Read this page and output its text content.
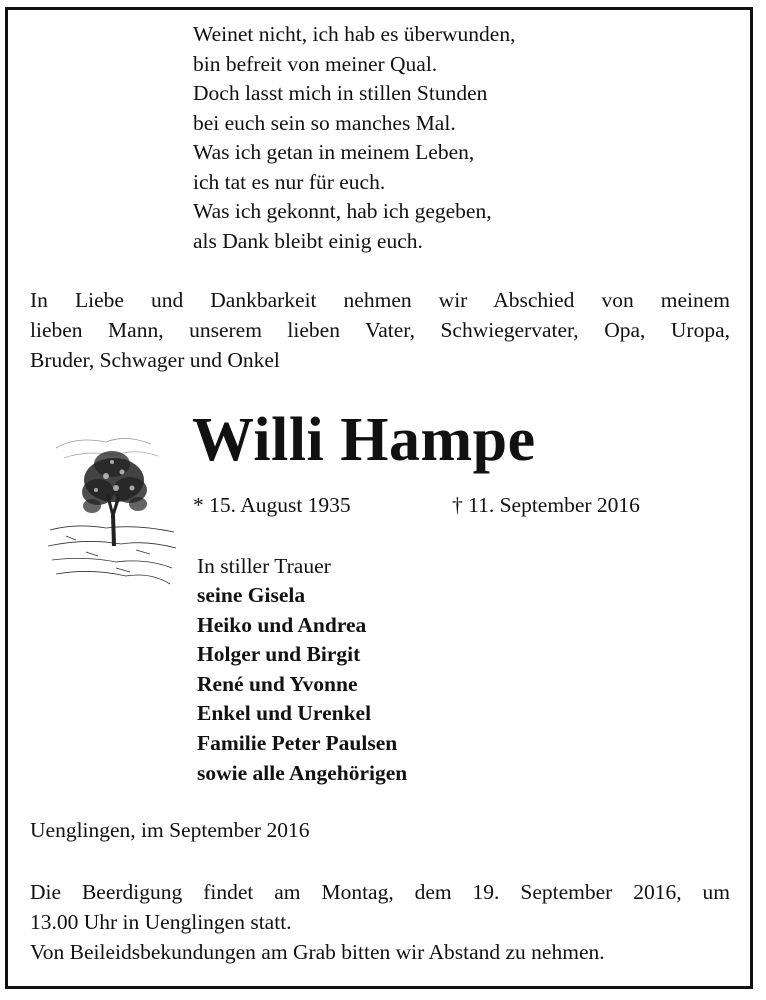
Weinet nicht, ich hab es überwunden,
bin befreit von meiner Qual.
Doch lasst mich in stillen Stunden
bei euch sein so manches Mal.
Was ich getan in meinem Leben,
ich tat es nur für euch.
Was ich gekonnt, hab ich gegeben,
als Dank bleibt einig euch.

In Liebe und Dankbarkeit nehmen wir Abschied von meinem
lieben Mann, unserem lieben Vater, Schwiegervater, Opa, Uropa,
Bruder, Schwager und Onkel

Willi Hampe
* 15. August 1935	† 11. September 2016
In stiller Trauer
seine Gisela
Heiko und Andrea
Holger und Birgit
René und Yvonne
Enkel und Urenkel
Familie Peter Paulsen
sowie alle Angehörigen
Uenglingen, im September 2016

Die Beerdigung findet am Montag, dem 19. September 2016, um
13.00 Uhr in Uenglingen statt.
Von Beileidsbekundungen am Grab bitten wir Abstand zu nehmen.
